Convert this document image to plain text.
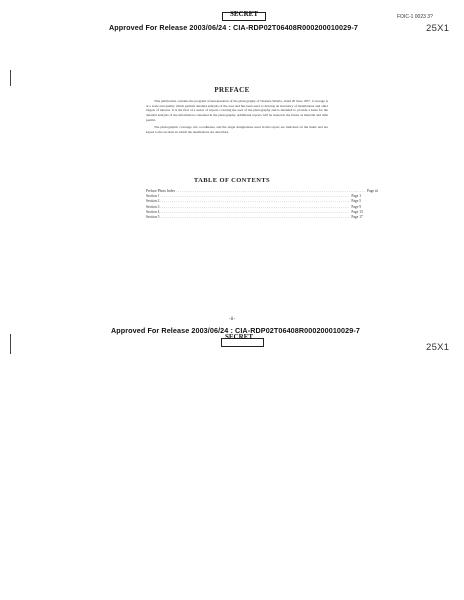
FOIC-1 0023 3?
SECRET
Approved For Release 2003/06/24 : CIA-RDP02T06408R000200010029-7	25X1
PREFACE

This publication contains the program of interpretation of the photography of Western Siberia, dated 20 June 1957. Coverage is at a scale and quality which permits detailed analysis of the area and has been used to develop an inventory of installations and other targets of interest. It is the first of a series of reports covering the area of the photography and is intended to provide a basis for the detailed analysis of the information contained in the photography. Additional reports will be issued in the future as material and time permit.

The photographic coverage, the coordinates, and the target designations used in this report are indicated on the index and are keyed to the sections in which the installations are described.

TABLE OF CONTENTS
Preface Photo Index .................................................................................................... Page iii
Section 1 .................................................................................................... Page 1
Section 2 .................................................................................................... Page 5
Section 3 .................................................................................................... Page 9
Section 4 .................................................................................................... Page 13
Section 5 .................................................................................................... Page 17
-ii-
Approved For Release 2003/06/24 : CIA-RDP02T06408R000200010029-7
SECRET
25X1
